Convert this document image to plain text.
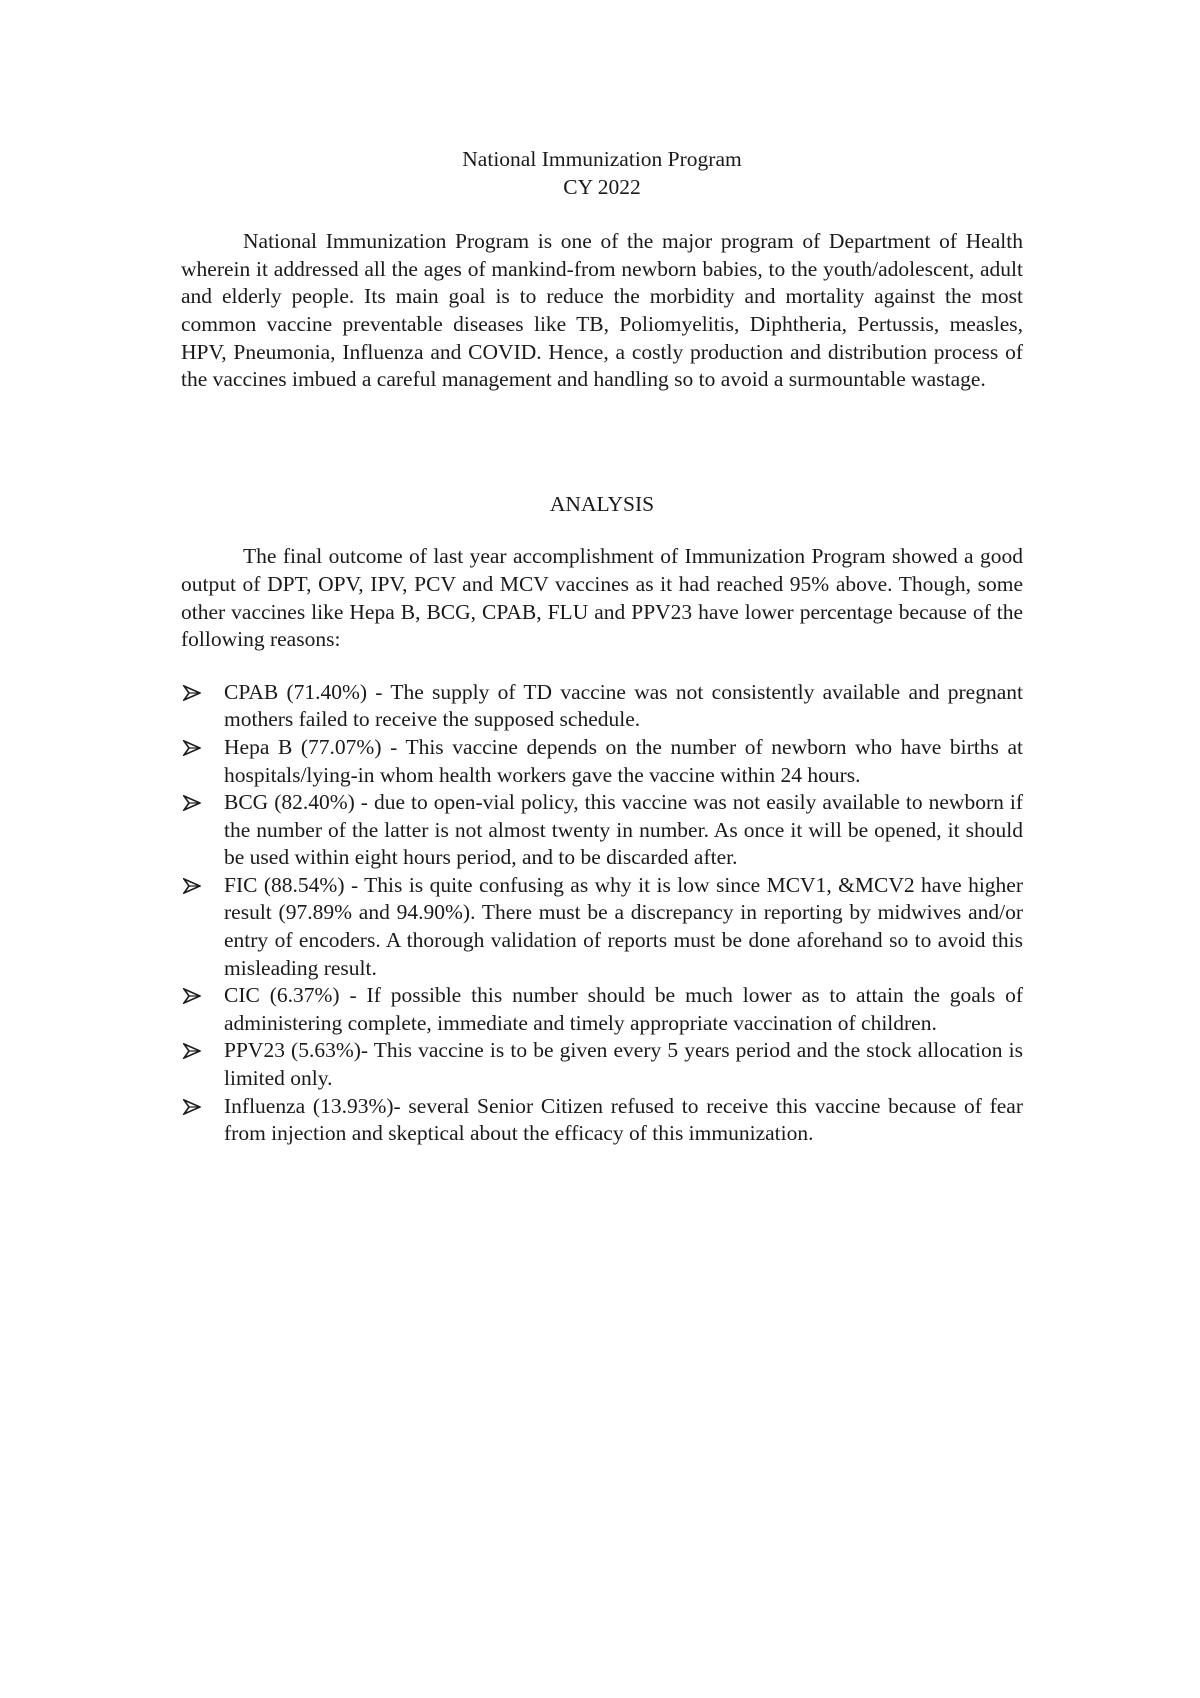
National Immunization Program

CY 2022

National Immunization Program is one of the major program of Department of Health wherein it addressed all the ages of mankind-from newborn babies, to the youth/adolescent, adult and elderly people. Its main goal is to reduce the morbidity and mortality against the most common vaccine preventable diseases like TB, Poliomyelitis, Diphtheria, Pertussis, measles, HPV, Pneumonia, Influenza and COVID. Hence, a costly production and distribution process of the vaccines imbued a careful management and handling so to avoid a surmountable wastage.

ANALYSIS

The final outcome of last year accomplishment of Immunization Program showed a good output of DPT, OPV, IPV, PCV and MCV vaccines as it had reached 95% above. Though, some other vaccines like Hepa B, BCG, CPAB, FLU and PPV23 have lower percentage because of the following reasons:

CPAB (71.40%) - The supply of TD vaccine was not consistently available and pregnant mothers failed to receive the supposed schedule.
Hepa B (77.07%) - This vaccine depends on the number of newborn who have births at hospitals/lying-in whom health workers gave the vaccine within 24 hours.
BCG (82.40%) - due to open-vial policy, this vaccine was not easily available to newborn if the number of the latter is not almost twenty in number. As once it will be opened, it should be used within eight hours period, and to be discarded after.
FIC (88.54%) - This is quite confusing as why it is low since MCV1, &MCV2 have higher result (97.89% and 94.90%). There must be a discrepancy in reporting by midwives and/or entry of encoders. A thorough validation of reports must be done aforehand so to avoid this misleading result.
CIC (6.37%) - If possible this number should be much lower as to attain the goals of administering complete, immediate and timely appropriate vaccination of children.
PPV23 (5.63%)- This vaccine is to be given every 5 years period and the stock allocation is limited only.
Influenza (13.93%)- several Senior Citizen refused to receive this vaccine because of fear from injection and skeptical about the efficacy of this immunization.
